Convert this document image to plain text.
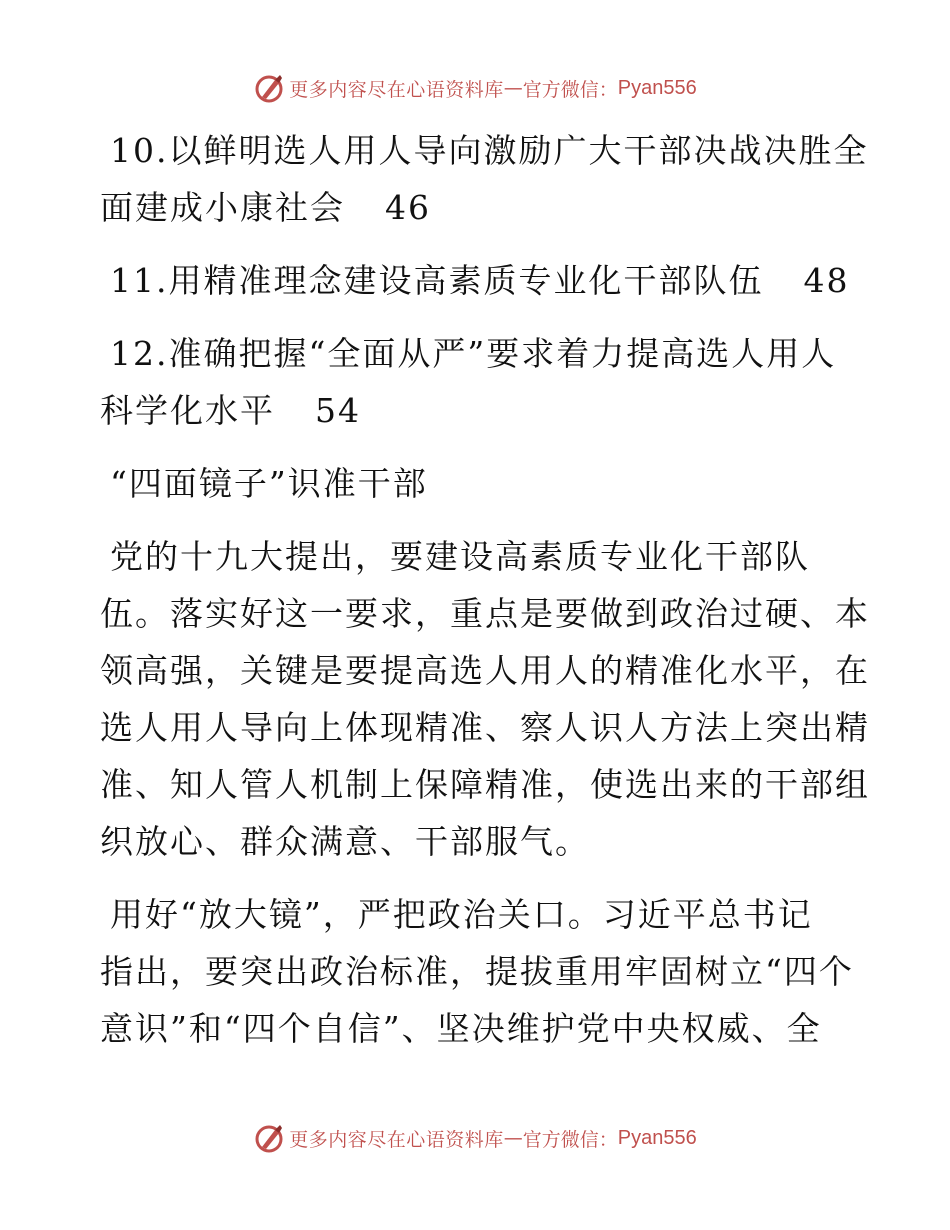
更多内容尽在心语资料库 — 官方微信： Pyan556

10.以鲜明选人用人导向激励广大干部决战决胜全
面建成小康社会 46

11.用精准理念建设高素质专业化干部队伍 48

12.准确把握“全面从严”要求着力提高选人用人
科学化水平 54

“四面镜子”识准干部

党的十九大提出，要建设高素质专业化干部队
伍。落实好这一要求，重点是要做到政治过硬、本
领高强，关键是要提高选人用人的精准化水平，在
选人用人导向上体现精准、察人识人方法上突出精
准、知人管人机制上保障精准，使选出来的干部组
织放心、群众满意、干部服气。

用好“放大镜”，严把政治关口。习近平总书记
指出，要突出政治标准，提拔重用牢固树立“四个
意识”和“四个自信”、坚决维护党中央权威、全

更多内容尽在心语资料库 — 官方微信： Pyan556
